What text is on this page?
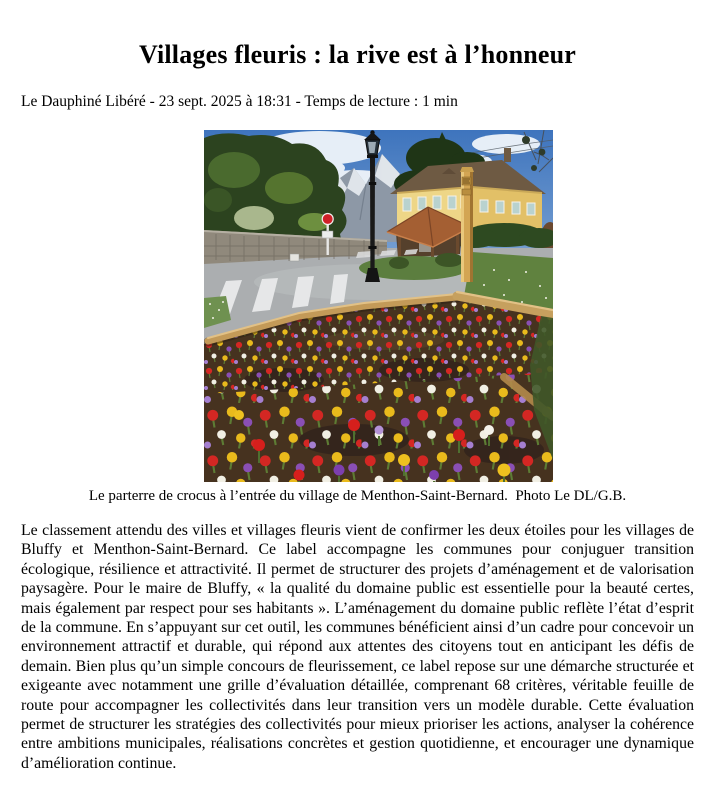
Villages fleuris : la rive est à l’honneur

Le Dauphiné Libéré - 23 sept. 2025 à 18:31 - Temps de lecture : 1 min

Le parterre de crocus à l’entrée du village de Menthon-Saint-Bernard.  Photo Le DL/G.B.

Le classement attendu des villes et villages fleuris vient de confirmer les deux étoiles pour les villages de Bluffy et Menthon-Saint-Bernard. Ce label accompagne les communes pour conjuguer transition écologique, résilience et attractivité. Il permet de structurer des projets d’aménagement et de valorisation paysagère. Pour le maire de Bluffy, « la qualité du domaine public est essentielle pour la beauté certes, mais également par respect pour ses habitants ». L’aménagement du domaine public reflète l’état d’esprit de la commune. En s’appuyant sur cet outil, les communes bénéficient ainsi d’un cadre pour concevoir un environnement attractif et durable, qui répond aux attentes des citoyens tout en anticipant les défis de demain. Bien plus qu’un simple concours de fleurissement, ce label repose sur une démarche structurée et exigeante avec notamment une grille d’évaluation détaillée, comprenant 68 critères, véritable feuille de route pour accompagner les collectivités dans leur transition vers un modèle durable. Cette évaluation permet de structurer les stratégies des collectivités pour mieux prioriser les actions, analyser la cohérence entre ambitions municipales, réalisations concrètes et gestion quotidienne, et encourager une dynamique d’amélioration continue.
